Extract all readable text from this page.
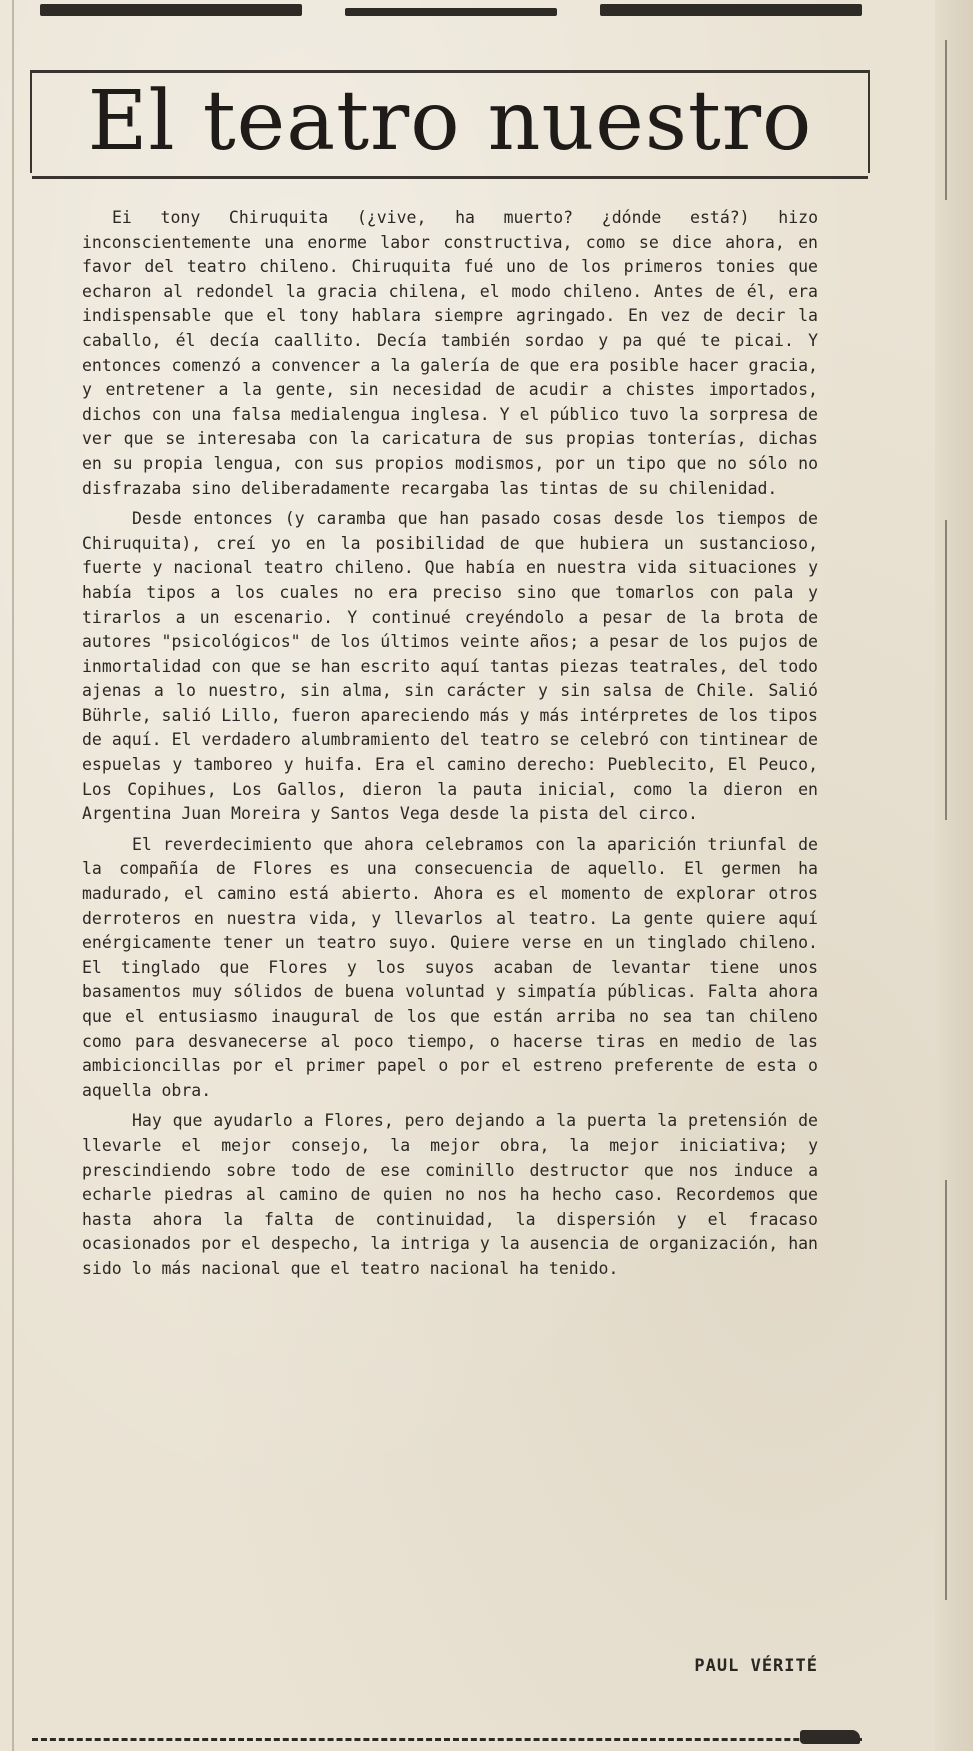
El teatro nuestro

Ei tony Chiruquita (¿vive, ha muerto? ¿dónde está?) hizo inconscientemente una enorme labor constructiva, como se dice ahora, en favor del teatro chileno. Chiruquita fué uno de los primeros tonies que echaron al redondel la gracia chilena, el modo chileno. Antes de él, era indispensable que el tony hablara siempre agringado. En vez de decir la caballo, él decía caallito. Decía también sordao y pa qué te picai. Y entonces comenzó a convencer a la galería de que era posible hacer gracia, y entretener a la gente, sin necesidad de acudir a chistes importados, dichos con una falsa medialengua inglesa. Y el público tuvo la sorpresa de ver que se interesaba con la caricatura de sus propias tonterías, dichas en su propia lengua, con sus propios modismos, por un tipo que no sólo no disfrazaba sino deliberadamente recargaba las tintas de su chilenidad.

Desde entonces (y caramba que han pasado cosas desde los tiempos de Chiruquita), creí yo en la posibilidad de que hubiera un sustancioso, fuerte y nacional teatro chileno. Que había en nuestra vida situaciones y había tipos a los cuales no era preciso sino que tomarlos con pala y tirarlos a un escenario. Y continué creyéndolo a pesar de la brota de autores "psicológicos" de los últimos veinte años; a pesar de los pujos de inmortalidad con que se han escrito aquí tantas piezas teatrales, del todo ajenas a lo nuestro, sin alma, sin carácter y sin salsa de Chile. Salió Bührle, salió Lillo, fueron apareciendo más y más intérpretes de los tipos de aquí. El verdadero alumbramiento del teatro se celebró con tintinear de espuelas y tamboreo y huifa. Era el camino derecho: Pueblecito, El Peuco, Los Copihues, Los Gallos, dieron la pauta inicial, como la dieron en Argentina Juan Moreira y Santos Vega desde la pista del circo.

El reverdecimiento que ahora celebramos con la aparición triunfal de la compañía de Flores es una consecuencia de aquello. El germen ha madurado, el camino está abierto. Ahora es el momento de explorar otros derroteros en nuestra vida, y llevarlos al teatro. La gente quiere aquí enérgicamente tener un teatro suyo. Quiere verse en un tinglado chileno. El tinglado que Flores y los suyos acaban de levantar tiene unos basamentos muy sólidos de buena voluntad y simpatía públicas. Falta ahora que el entusiasmo inaugural de los que están arriba no sea tan chileno como para desvanecerse al poco tiempo, o hacerse tiras en medio de las ambicioncillas por el primer papel o por el estreno preferente de esta o aquella obra.

Hay que ayudarlo a Flores, pero dejando a la puerta la pretensión de llevarle el mejor consejo, la mejor obra, la mejor iniciativa; y prescindiendo sobre todo de ese cominillo destructor que nos induce a echarle piedras al camino de quien no nos ha hecho caso. Recordemos que hasta ahora la falta de continuidad, la dispersión y el fracaso ocasionados por el despecho, la intriga y la ausencia de organización, han sido lo más nacional que el teatro nacional ha tenido.

PAUL VÉRITÉ
